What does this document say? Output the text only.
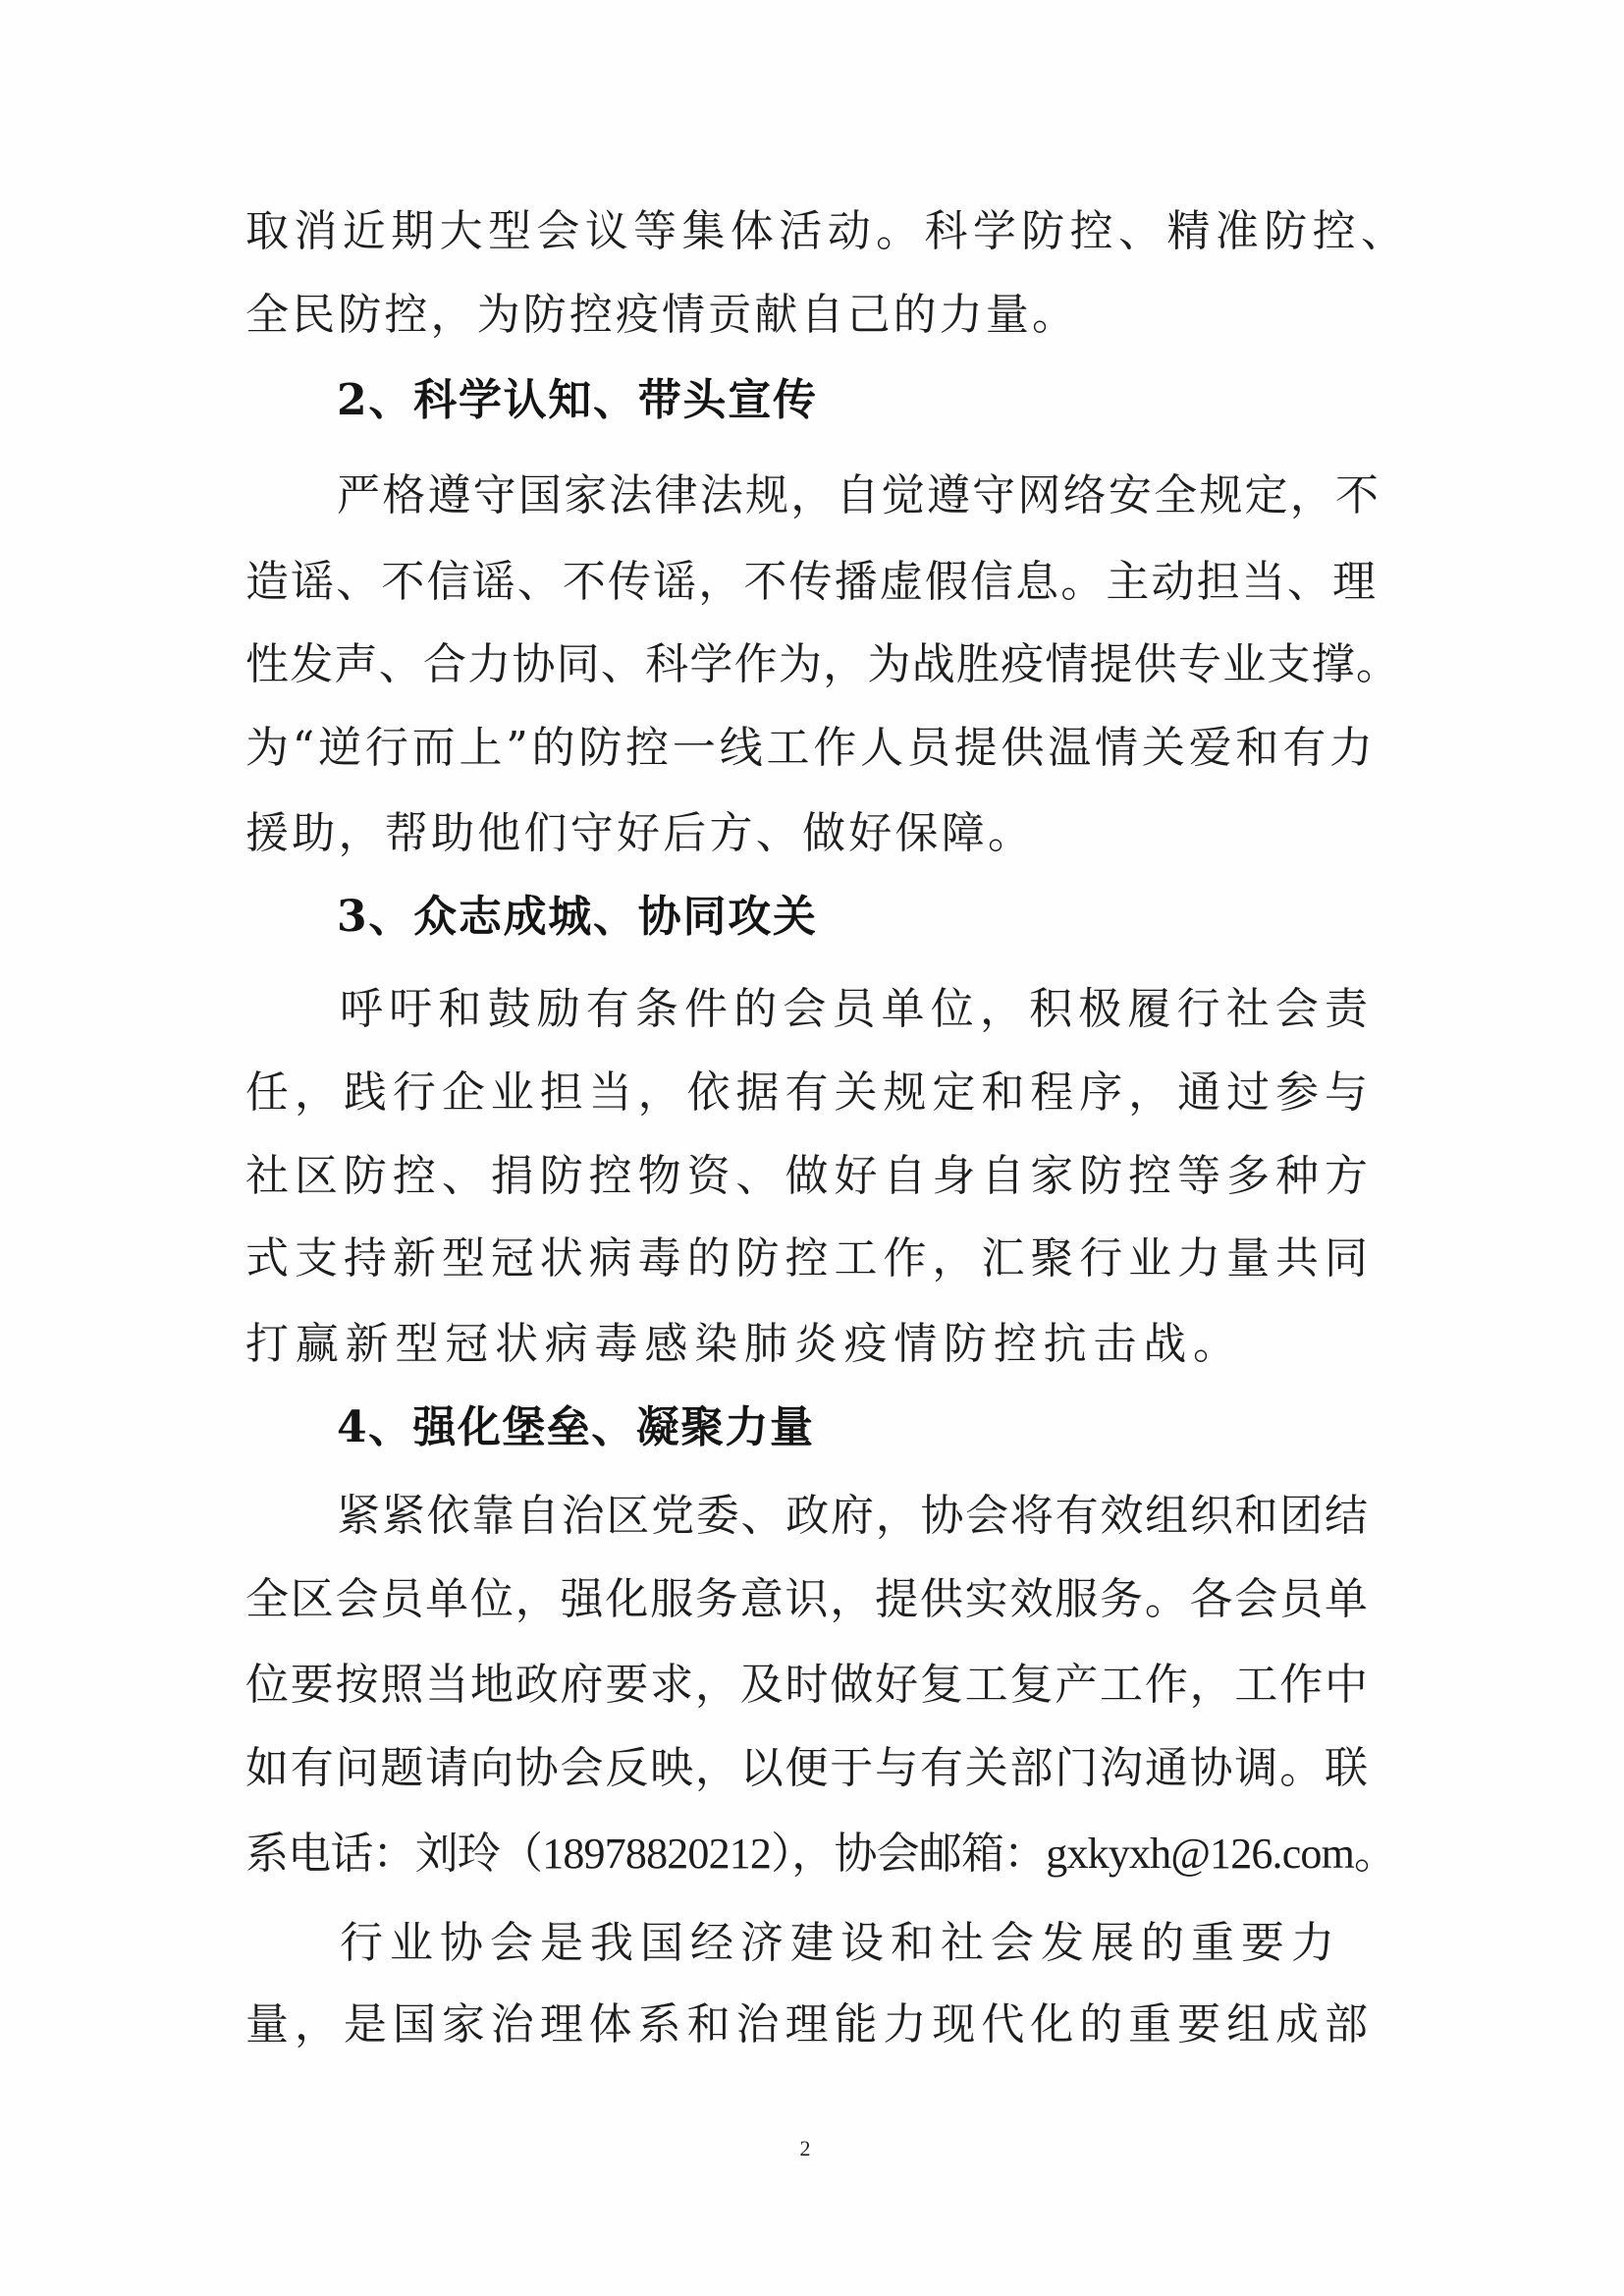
取消近期大型会议等集体活动。科学防控、精准防控、
全民防控，为防控疫情贡献自己的力量。
2、科学认知、带头宣传
严格遵守国家法律法规，自觉遵守网络安全规定，不
造谣、不信谣、不传谣，不传播虚假信息。主动担当、理
性发声、合力协同、科学作为，为战胜疫情提供专业支撑。
为“逆行而上”的防控一线工作人员提供温情关爱和有力
援助，帮助他们守好后方、做好保障。
3、众志成城、协同攻关
呼吁和鼓励有条件的会员单位，积极履行社会责
任，践行企业担当，依据有关规定和程序，通过参与
社区防控、捐防控物资、做好自身自家防控等多种方
式支持新型冠状病毒的防控工作，汇聚行业力量共同
打赢新型冠状病毒感染肺炎疫情防控抗击战。
4、强化堡垒、凝聚力量
紧紧依靠自治区党委、政府，协会将有效组织和团结
全区会员单位，强化服务意识，提供实效服务。各会员单
位要按照当地政府要求，及时做好复工复产工作，工作中
如有问题请向协会反映，以便于与有关部门沟通协调。联
系电话：刘玲（18978820212），协会邮箱：gxkyxh@126.com。
行业协会是我国经济建设和社会发展的重要力
量，是国家治理体系和治理能力现代化的重要组成部
2
